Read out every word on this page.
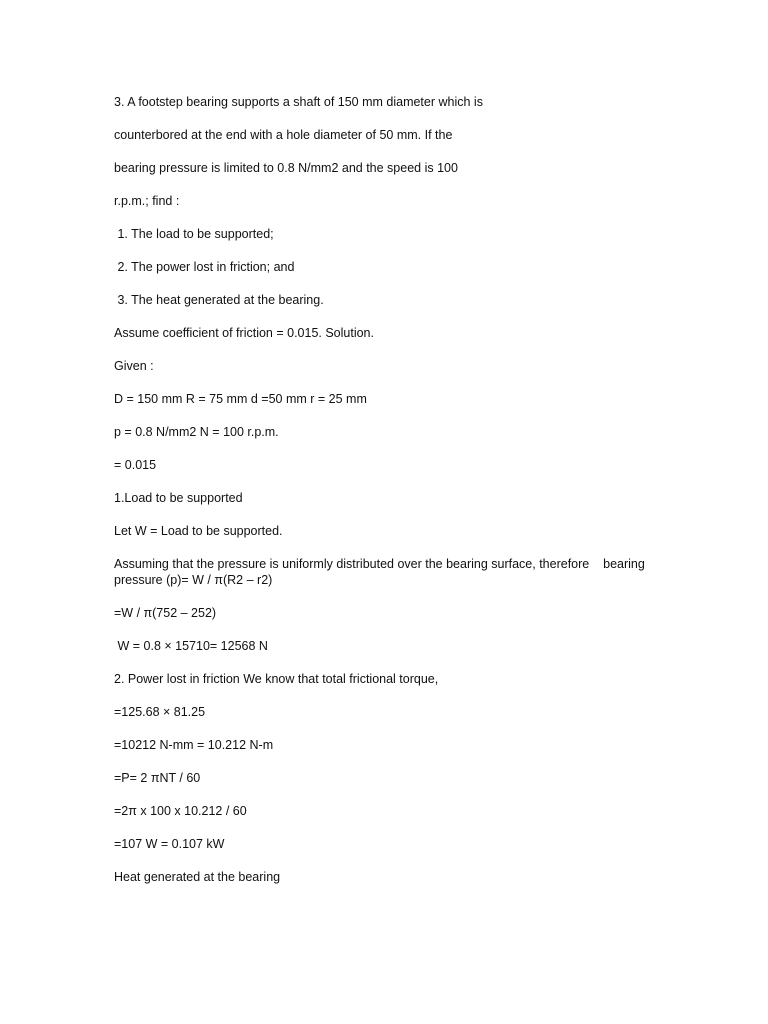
3. A footstep bearing supports a shaft of 150 mm diameter which is

counterbored at the end with a hole diameter of 50 mm. If the

bearing pressure is limited to 0.8 N/mm2 and the speed is 100

r.p.m.; find :

1. The load to be supported;

2. The power lost in friction; and

3. The heat generated at the bearing.

Assume coefficient of friction = 0.015. Solution.

Given :

D = 150 mm R = 75 mm d =50 mm r = 25 mm

p = 0.8 N/mm2 N = 100 r.p.m.

= 0.015

1.Load to be supported

Let W = Load to be supported.

Assuming that the pressure is uniformly distributed over the bearing surface, therefore    bearing pressure (p)= W / π(R2 – r2)

=W / π(752 – 252)

W = 0.8 × 15710= 12568 N

2. Power lost in friction We know that total frictional torque,

=125.68 × 81.25

=10212 N-mm = 10.212 N-m

=P= 2 πNT / 60

=2π x 100 x 10.212 / 60

=107 W = 0.107 kW

Heat generated at the bearing
